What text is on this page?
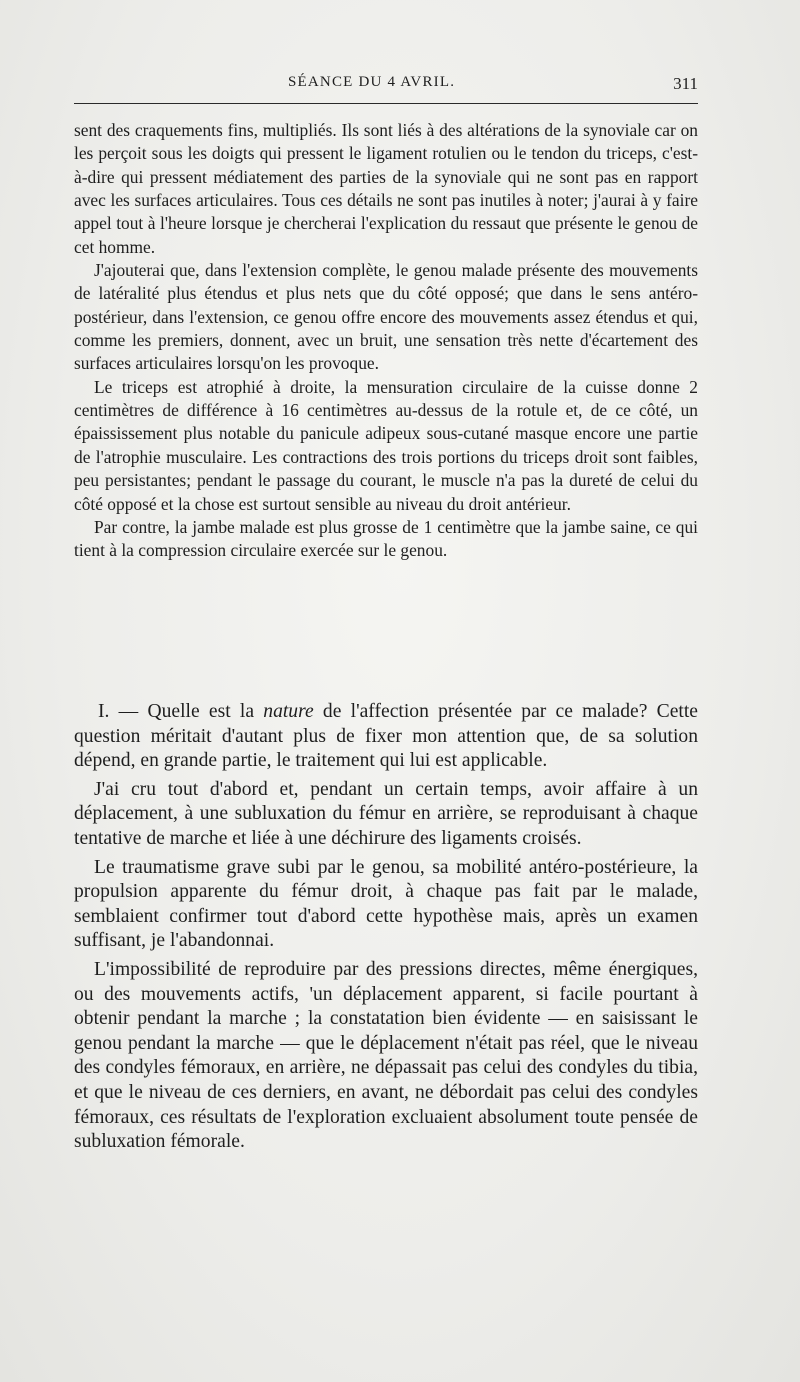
SÉANCE DU 4 AVRIL.	311

sent des craquements fins, multipliés. Ils sont liés à des altérations de la synoviale car on les perçoit sous les doigts qui pressent le ligament rotulien ou le tendon du triceps, c'est-à-dire qui pressent médiatement des parties de la synoviale qui ne sont pas en rapport avec les surfaces articulaires. Tous ces détails ne sont pas inutiles à noter; j'aurai à y faire appel tout à l'heure lorsque je chercherai l'explication du ressaut que présente le genou de cet homme.

J'ajouterai que, dans l'extension complète, le genou malade présente des mouvements de latéralité plus étendus et plus nets que du côté opposé; que dans le sens antéro-postérieur, dans l'extension, ce genou offre encore des mouvements assez étendus et qui, comme les premiers, donnent, avec un bruit, une sensation très nette d'écartement des surfaces articulaires lorsqu'on les provoque.

Le triceps est atrophié à droite, la mensuration circulaire de la cuisse donne 2 centimètres de différence à 16 centimètres au-dessus de la rotule et, de ce côté, un épaississement plus notable du panicule adipeux sous-cutané masque encore une partie de l'atrophie musculaire. Les contractions des trois portions du triceps droit sont faibles, peu persistantes; pendant le passage du courant, le muscle n'a pas la dureté de celui du côté opposé et la chose est surtout sensible au niveau du droit antérieur.

Par contre, la jambe malade est plus grosse de 1 centimètre que la jambe saine, ce qui tient à la compression circulaire exercée sur le genou.

I. — Quelle est la nature de l'affection présentée par ce malade? Cette question méritait d'autant plus de fixer mon attention que, de sa solution dépend, en grande partie, le traitement qui lui est applicable.

J'ai cru tout d'abord et, pendant un certain temps, avoir affaire à un déplacement, à une subluxation du fémur en arrière, se reproduisant à chaque tentative de marche et liée à une déchirure des ligaments croisés.

Le traumatisme grave subi par le genou, sa mobilité antéro-postérieure, la propulsion apparente du fémur droit, à chaque pas fait par le malade, semblaient confirmer tout d'abord cette hypothèse mais, après un examen suffisant, je l'abandonnai.

L'impossibilité de reproduire par des pressions directes, même énergiques, ou des mouvements actifs, 'un déplacement apparent, si facile pourtant à obtenir pendant la marche ; la constatation bien évidente — en saisissant le genou pendant la marche — que le déplacement n'était pas réel, que le niveau des condyles fémoraux, en arrière, ne dépassait pas celui des condyles du tibia, et que le niveau de ces derniers, en avant, ne débordait pas celui des condyles fémoraux, ces résultats de l'exploration excluaient absolument toute pensée de subluxation fémorale.
